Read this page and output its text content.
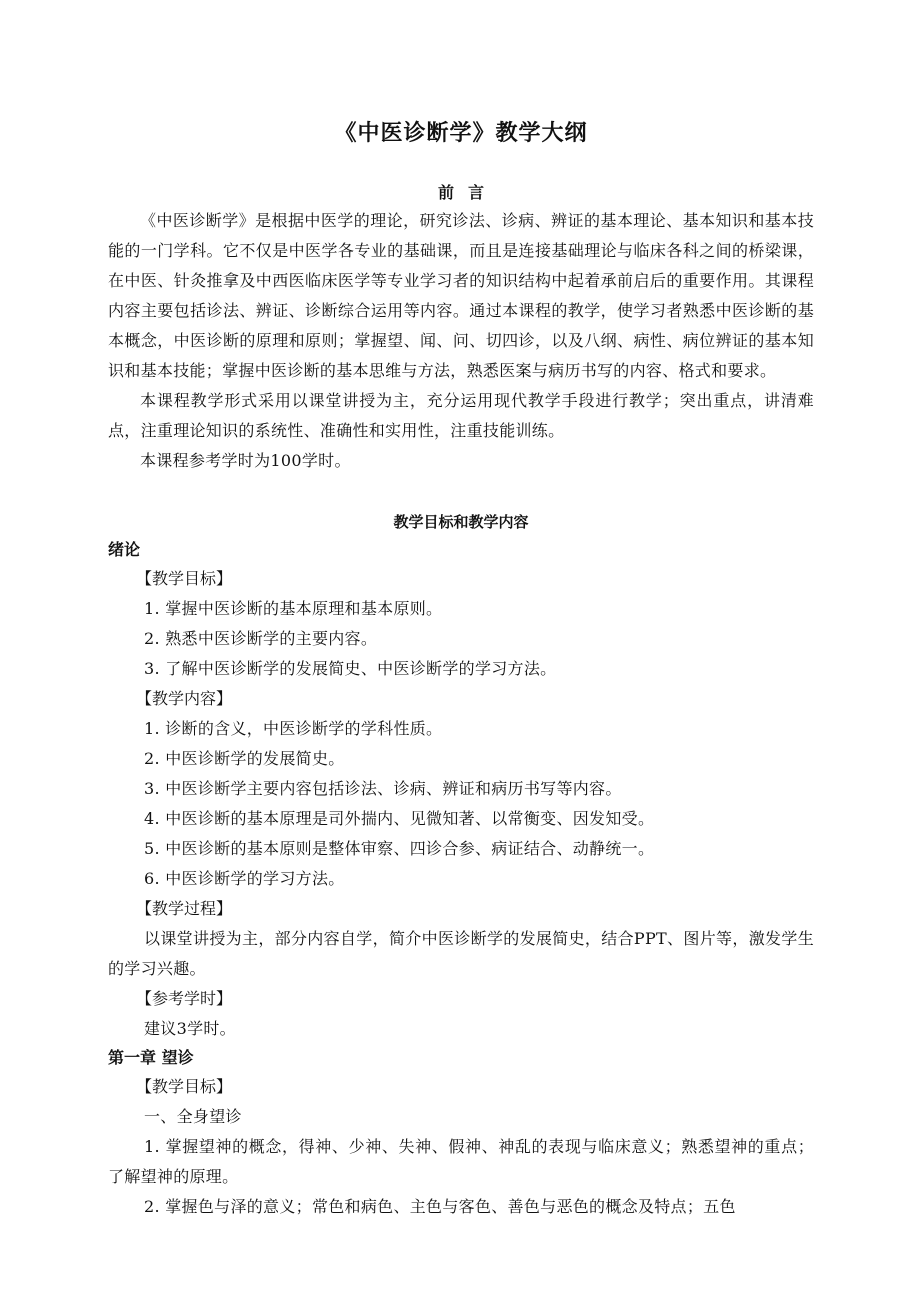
《中医诊断学》教学大纲
前言

《中医诊断学》是根据中医学的理论，研究诊法、诊病、辨证的基本理论、基本知识和基本技能的一门学科。它不仅是中医学各专业的基础课，而且是连接基础理论与临床各科之间的桥梁课，在中医、针灸推拿及中西医临床医学等专业学习者的知识结构中起着承前启后的重要作用。其课程内容主要包括诊法、辨证、诊断综合运用等内容。通过本课程的教学，使学习者熟悉中医诊断的基本概念，中医诊断的原理和原则；掌握望、闻、问、切四诊，以及八纲、病性、病位辨证的基本知识和基本技能；掌握中医诊断的基本思维与方法，熟悉医案与病历书写的内容、格式和要求。

本课程教学形式采用以课堂讲授为主，充分运用现代教学手段进行教学；突出重点，讲清难点，注重理论知识的系统性、准确性和实用性，注重技能训练。

本课程参考学时为100学时。

教学目标和教学内容
绪论

【教学目标】

1. 掌握中医诊断的基本原理和基本原则。

2. 熟悉中医诊断学的主要内容。

3. 了解中医诊断学的发展简史、中医诊断学的学习方法。

【教学内容】

1. 诊断的含义，中医诊断学的学科性质。

2. 中医诊断学的发展简史。

3. 中医诊断学主要内容包括诊法、诊病、辨证和病历书写等内容。

4. 中医诊断的基本原理是司外揣内、见微知著、以常衡变、因发知受。

5. 中医诊断的基本原则是整体审察、四诊合参、病证结合、动静统一。

6. 中医诊断学的学习方法。

【教学过程】

以课堂讲授为主，部分内容自学，简介中医诊断学的发展简史，结合PPT、图片等，激发学生的学习兴趣。

【参考学时】

建议3学时。

第一章 望诊

【教学目标】

一、全身望诊

1. 掌握望神的概念，得神、少神、失神、假神、神乱的表现与临床意义；熟悉望神的重点；了解望神的原理。

2. 掌握色与泽的意义；常色和病色、主色与客色、善色与恶色的概念及特点；五色
